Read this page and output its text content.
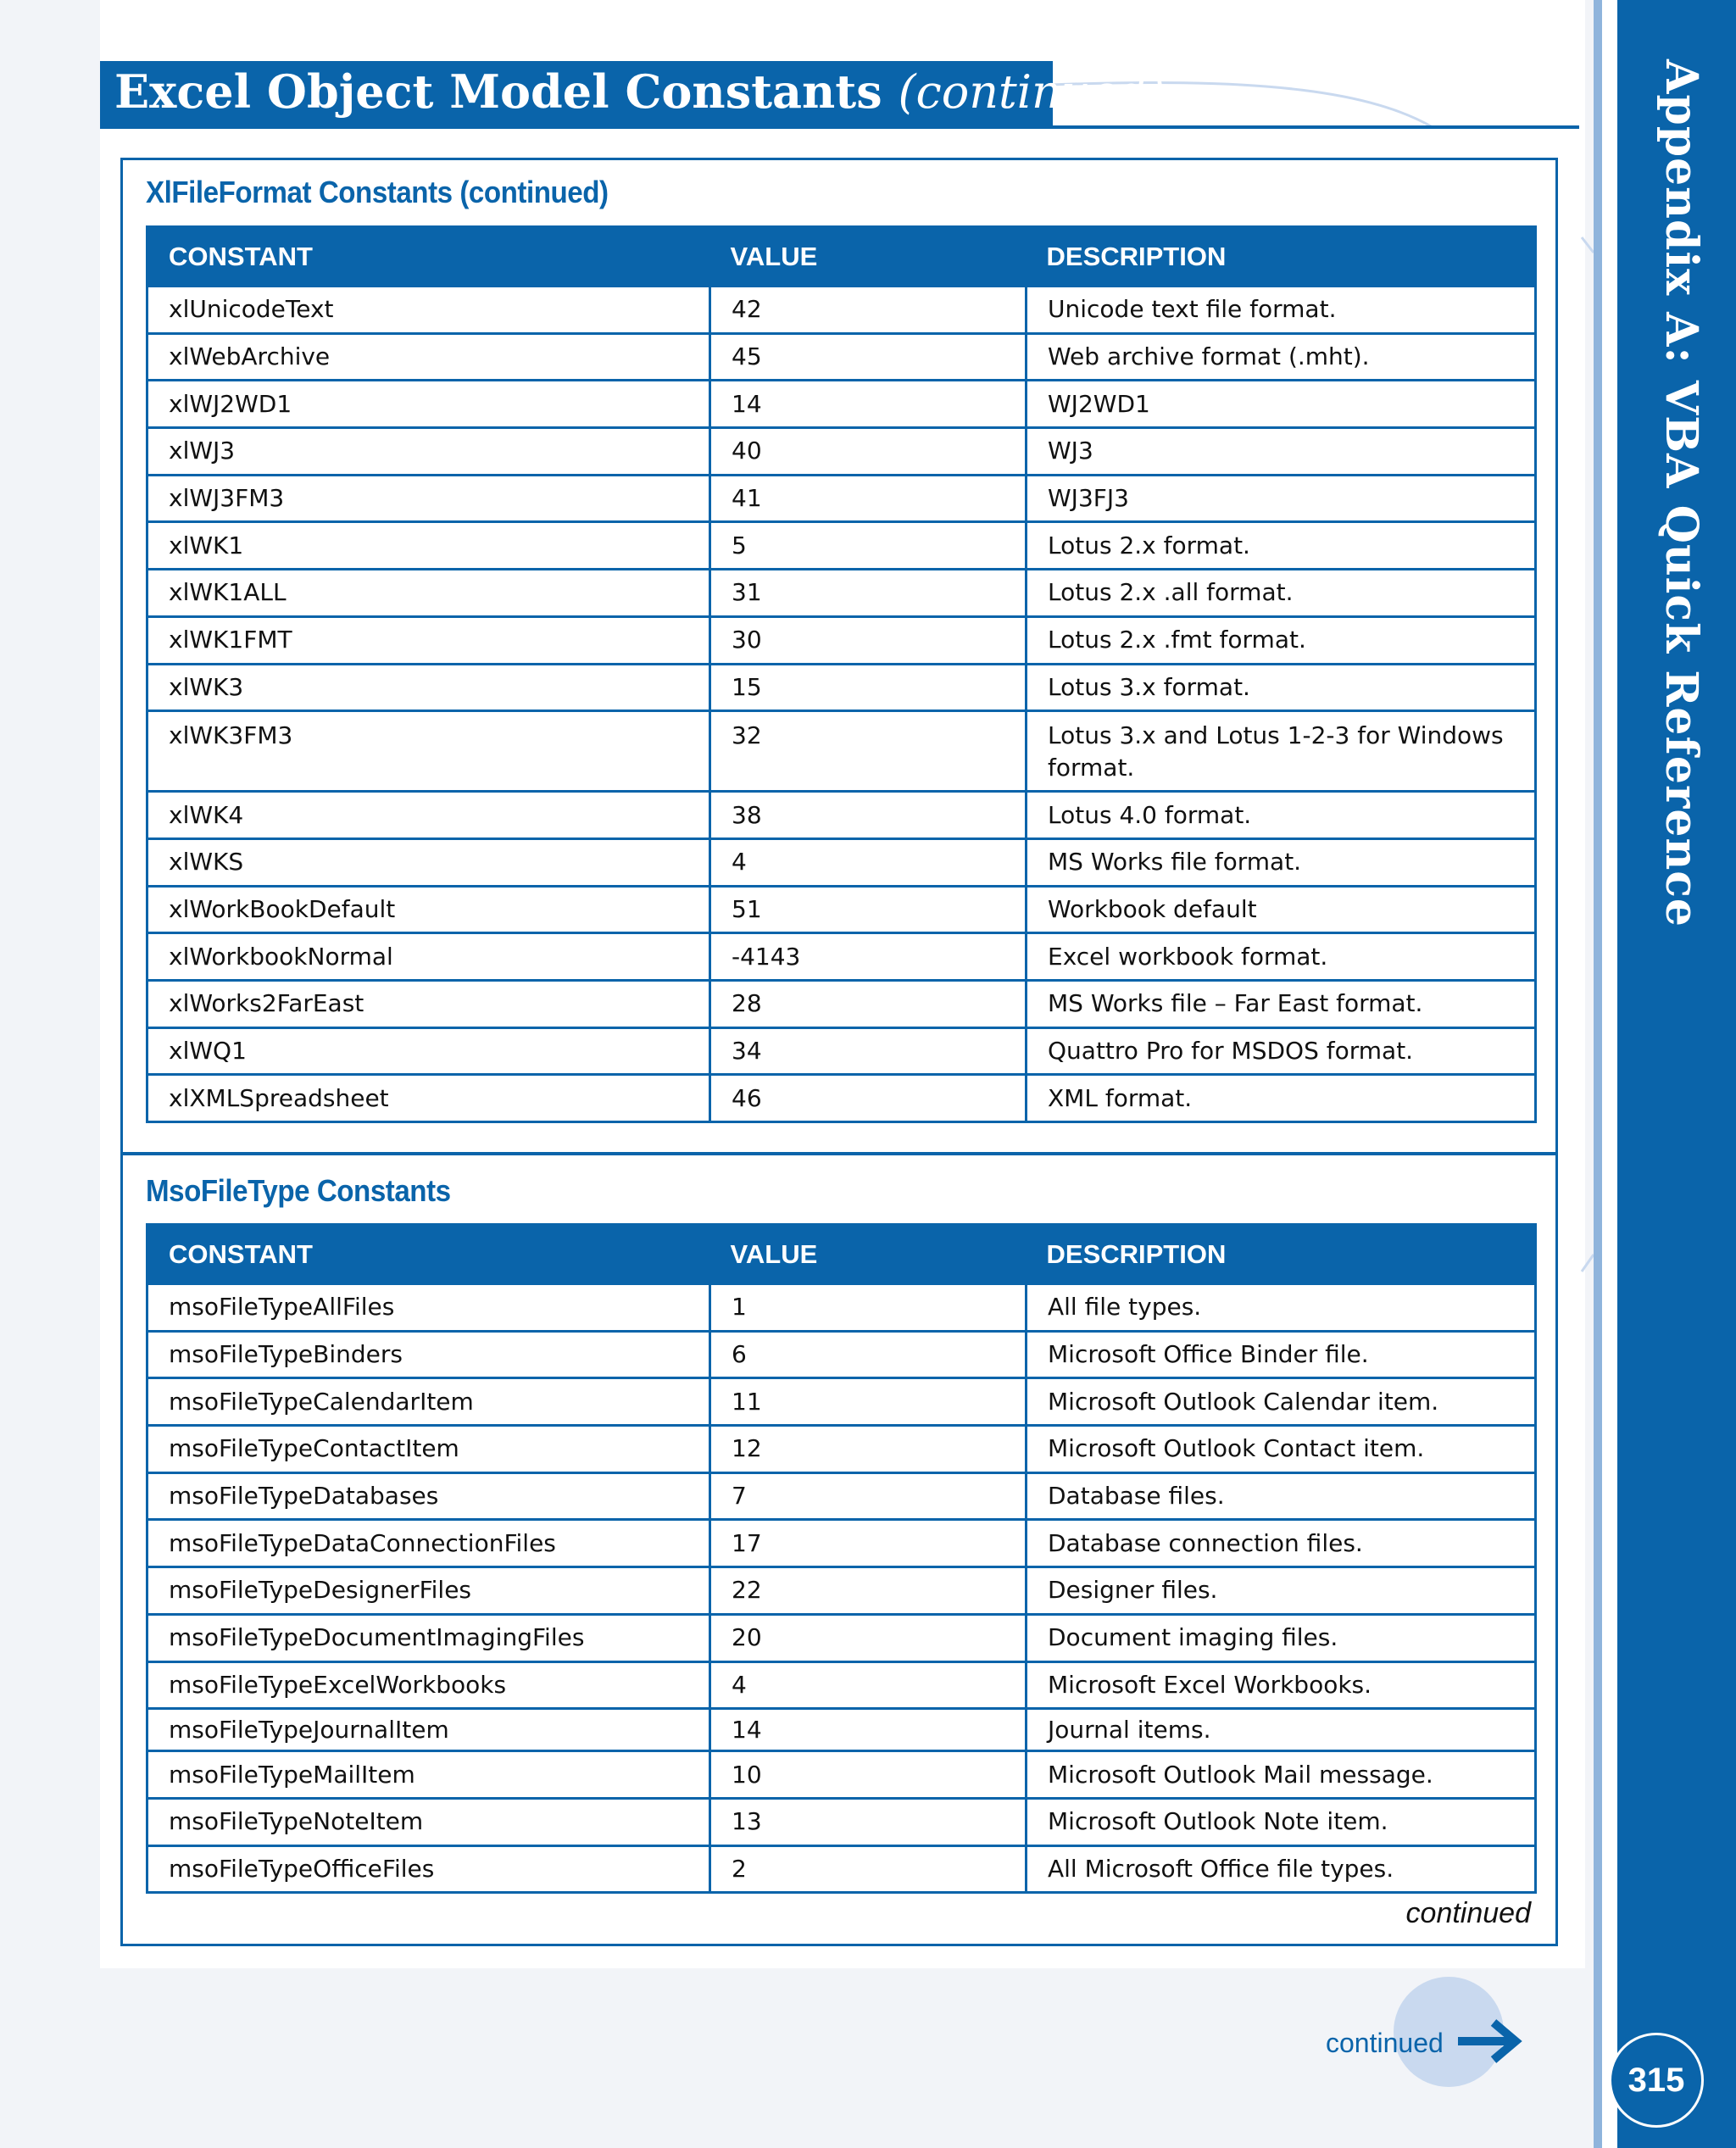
Appendix A: VBA Quick Reference
315
Excel Object Model Constants (continued)
XlFileFormat Constants (continued)
CONSTANT	VALUE	DESCRIPTION
xlUnicodeText	42	Unicode text file format.
xlWebArchive	45	Web archive format (.mht).
xlWJ2WD1	14	WJ2WD1
xlWJ3	40	WJ3
xlWJ3FM3	41	WJ3FJ3
xlWK1	5	Lotus 2.x format.
xlWK1ALL	31	Lotus 2.x .all format.
xlWK1FMT	30	Lotus 2.x .fmt format.
xlWK3	15	Lotus 3.x format.
xlWK3FM3	32	Lotus 3.x and Lotus 1-2-3 for Windows format.
xlWK4	38	Lotus 4.0 format.
xlWKS	4	MS Works file format.
xlWorkBookDefault	51	Workbook default
xlWorkbookNormal	-4143	Excel workbook format.
xlWorks2FarEast	28	MS Works file – Far East format.
xlWQ1	34	Quattro Pro for MSDOS format.
xlXMLSpreadsheet	46	XML format.
MsoFileType Constants
CONSTANT	VALUE	DESCRIPTION
msoFileTypeAllFiles	1	All file types.
msoFileTypeBinders	6	Microsoft Office Binder file.
msoFileTypeCalendarItem	11	Microsoft Outlook Calendar item.
msoFileTypeContactItem	12	Microsoft Outlook Contact item.
msoFileTypeDatabases	7	Database files.
msoFileTypeDataConnectionFiles	17	Database connection files.
msoFileTypeDesignerFiles	22	Designer files.
msoFileTypeDocumentImagingFiles	20	Document imaging files.
msoFileTypeExcelWorkbooks	4	Microsoft Excel Workbooks.
msoFileTypeJournalItem	14	Journal items.
msoFileTypeMailItem	10	Microsoft Outlook Mail message.
msoFileTypeNoteItem	13	Microsoft Outlook Note item.
msoFileTypeOfficeFiles	2	All Microsoft Office file types.
continued
continued
